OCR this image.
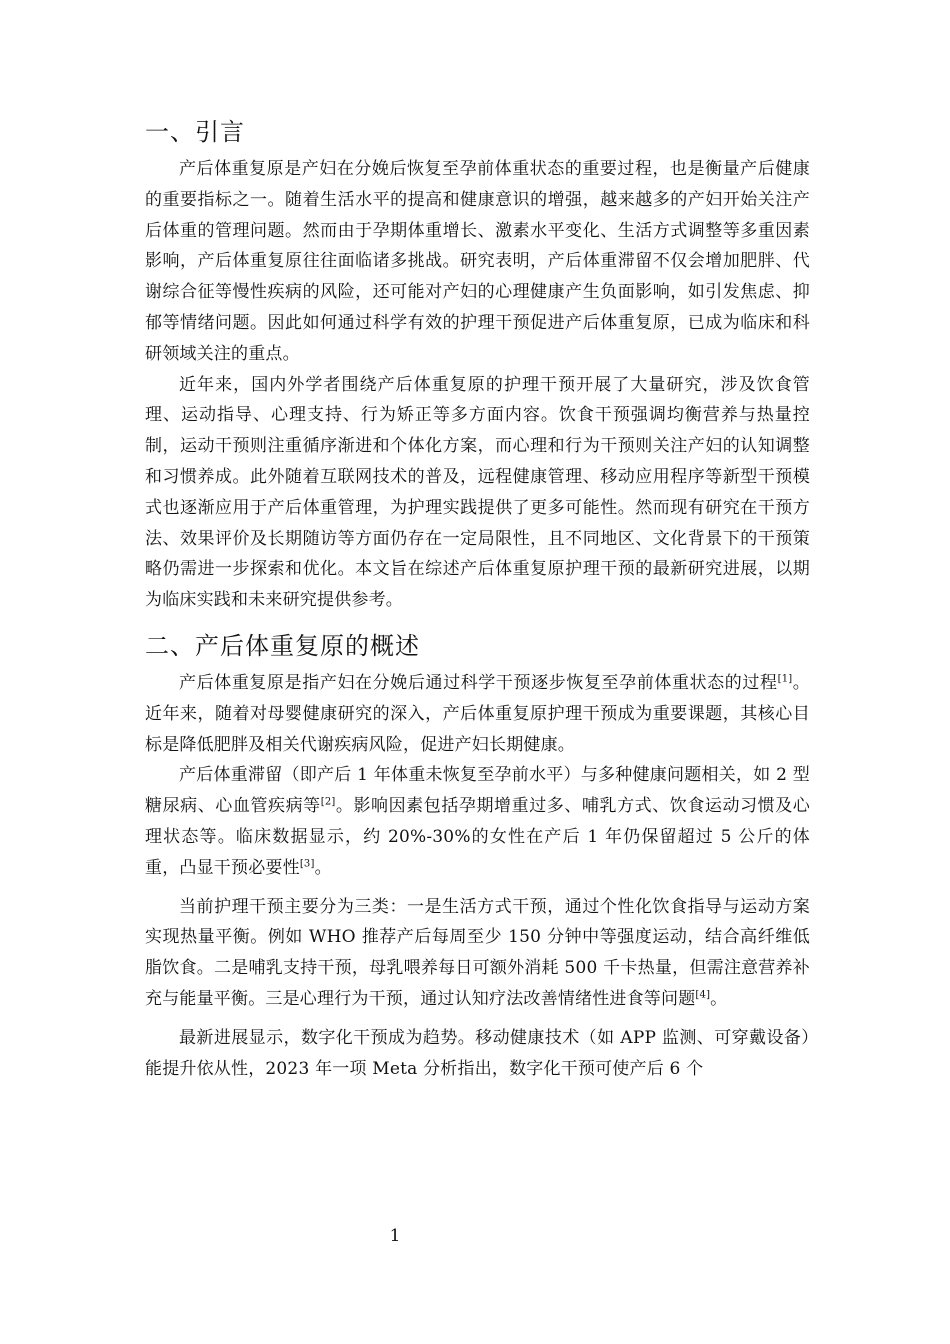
一、引言

产后体重复原是产妇在分娩后恢复至孕前体重状态的重要过程，也是衡量产后健康的重要指标之一。随着生活水平的提高和健康意识的增强，越来越多的产妇开始关注产后体重的管理问题。然而由于孕期体重增长、激素水平变化、生活方式调整等多重因素影响，产后体重复原往往面临诸多挑战。研究表明，产后体重滞留不仅会增加肥胖、代谢综合征等慢性疾病的风险，还可能对产妇的心理健康产生负面影响，如引发焦虑、抑郁等情绪问题。因此如何通过科学有效的护理干预促进产后体重复原，已成为临床和科研领域关注的重点。

近年来，国内外学者围绕产后体重复原的护理干预开展了大量研究，涉及饮食管理、运动指导、心理支持、行为矫正等多方面内容。饮食干预强调均衡营养与热量控制，运动干预则注重循序渐进和个体化方案，而心理和行为干预则关注产妇的认知调整和习惯养成。此外随着互联网技术的普及，远程健康管理、移动应用程序等新型干预模式也逐渐应用于产后体重管理，为护理实践提供了更多可能性。然而现有研究在干预方法、效果评价及长期随访等方面仍存在一定局限性，且不同地区、文化背景下的干预策略仍需进一步探索和优化。本文旨在综述产后体重复原护理干预的最新研究进展，以期为临床实践和未来研究提供参考。

二、产后体重复原的概述

产后体重复原是指产妇在分娩后通过科学干预逐步恢复至孕前体重状态的过程[1]。近年来，随着对母婴健康研究的深入，产后体重复原护理干预成为重要课题，其核心目标是降低肥胖及相关代谢疾病风险，促进产妇长期健康。

产后体重滞留（即产后 1 年体重未恢复至孕前水平）与多种健康问题相关，如 2 型糖尿病、心血管疾病等[2]。影响因素包括孕期增重过多、哺乳方式、饮食运动习惯及心理状态等。临床数据显示，约 20%-30%的女性在产后 1 年仍保留超过 5 公斤的体重，凸显干预必要性[3]。

当前护理干预主要分为三类：一是生活方式干预，通过个性化饮食指导与运动方案实现热量平衡。例如 WHO 推荐产后每周至少 150 分钟中等强度运动，结合高纤维低脂饮食。二是哺乳支持干预，母乳喂养每日可额外消耗 500 千卡热量，但需注意营养补充与能量平衡。三是心理行为干预，通过认知疗法改善情绪性进食等问题[4]。

最新进展显示，数字化干预成为趋势。移动健康技术（如 APP 监测、可穿戴设备）能提升依从性，2023 年一项 Meta 分析指出，数字化干预可使产后 6 个

1
